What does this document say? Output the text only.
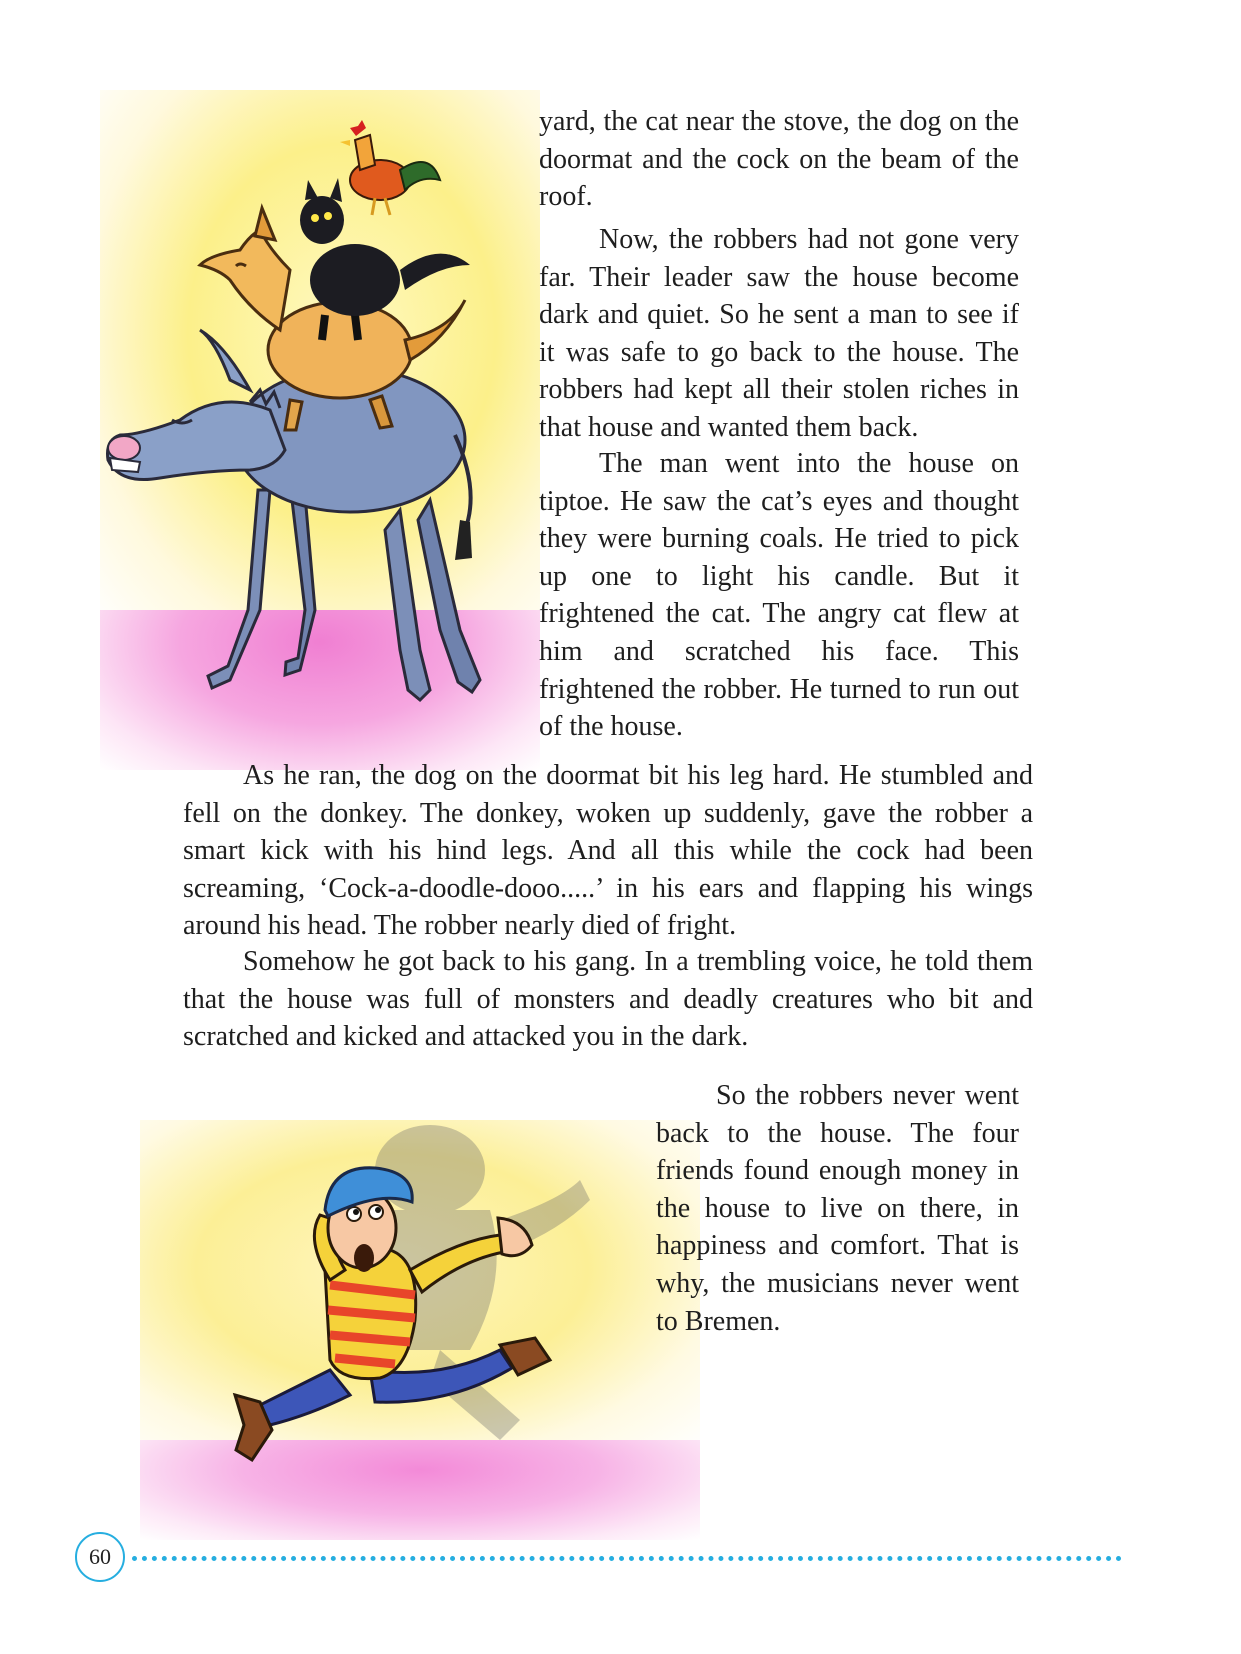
yard, the cat near the stove, the dog on the doormat and the cock on the beam of the roof.

Now, the robbers had not gone very far. Their leader saw the house become dark and quiet. So he sent a man to see if it was safe to go back to the house. The robbers had kept all their stolen riches in that house and wanted them back.

The man went into the house on tiptoe. He saw the cat’s eyes and thought they were burning coals. He tried to pick up one to light his candle. But it frightened the cat. The angry cat flew at him and scratched his face. This frightened the robber. He turned to run out of the house.

As he ran, the dog on the doormat bit his leg hard. He stumbled and fell on the donkey. The donkey, woken up suddenly, gave the robber a smart kick with his hind legs. And all this while the cock had been screaming, ‘Cock-a-doodle-dooo.....’ in his ears and flapping his wings around his head. The robber nearly died of fright.

Somehow he got back to his gang. In a trembling voice, he told them that the house was full of monsters and deadly creatures who bit and scratched and kicked and attacked you in the dark.

So the robbers never went back to the house. The four friends found enough money in the house to live on there, in happiness and comfort. That is why, the musicians never went to Bremen.

60
